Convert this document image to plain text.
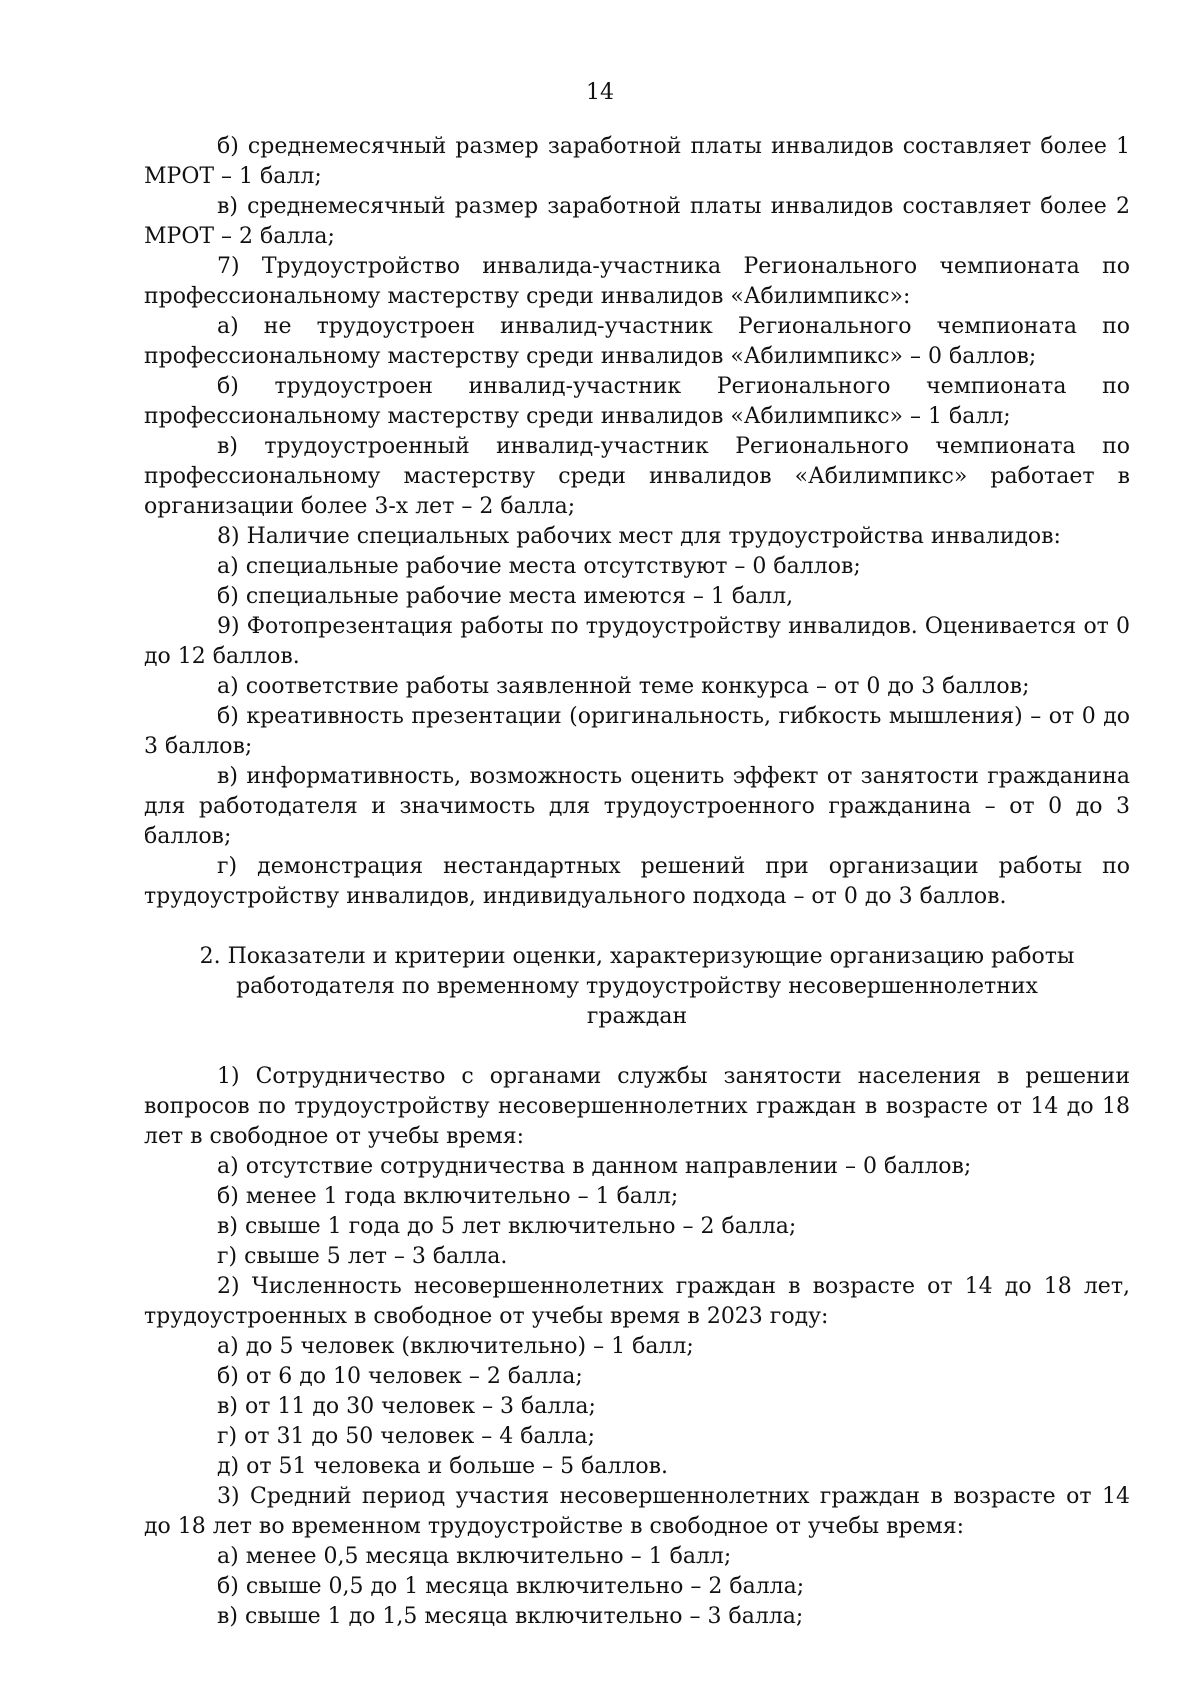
14

б) среднемесячный размер заработной платы инвалидов составляет более 1 МРОТ – 1 балл;

в) среднемесячный размер заработной платы инвалидов составляет более 2 МРОТ – 2 балла;

7) Трудоустройство инвалида-участника Регионального чемпионата по профессиональному мастерству среди инвалидов «Абилимпикс»:

а) не трудоустроен инвалид-участник Регионального чемпионата по профессиональному мастерству среди инвалидов «Абилимпикс» – 0 баллов;

б) трудоустроен инвалид-участник Регионального чемпионата по профессиональному мастерству среди инвалидов «Абилимпикс» – 1 балл;

в) трудоустроенный инвалид-участник Регионального чемпионата по профессиональному мастерству среди инвалидов «Абилимпикс» работает в организации более 3-х лет – 2 балла;

8) Наличие специальных рабочих мест для трудоустройства инвалидов:

а) специальные рабочие места отсутствуют – 0 баллов;

б) специальные рабочие места имеются – 1 балл,

9) Фотопрезентация работы по трудоустройству инвалидов. Оценивается от 0 до 12 баллов.

а) соответствие работы заявленной теме конкурса – от 0 до 3 баллов;

б) креативность презентации (оригинальность, гибкость мышления) – от 0 до 3 баллов;

в) информативность, возможность оценить эффект от занятости гражданина для работодателя и значимость для трудоустроенного гражданина – от 0 до 3 баллов;

г) демонстрация нестандартных решений при организации работы по трудоустройству инвалидов, индивидуального подхода – от 0 до 3 баллов.

2. Показатели и критерии оценки, характеризующие организацию работы работодателя по временному трудоустройству несовершеннолетних граждан

1) Сотрудничество с органами службы занятости населения в решении вопросов по трудоустройству несовершеннолетних граждан в возрасте от 14 до 18 лет в свободное от учебы время:

а) отсутствие сотрудничества в данном направлении – 0 баллов;

б) менее 1 года включительно – 1 балл;

в) свыше 1 года до 5 лет включительно – 2 балла;

г) свыше 5 лет – 3 балла.

2) Численность несовершеннолетних граждан в возрасте от 14 до 18 лет, трудоустроенных в свободное от учебы время в 2023 году:

а) до 5 человек (включительно) – 1 балл;

б) от 6 до 10 человек – 2 балла;

в) от 11 до 30 человек – 3 балла;

г) от 31 до 50 человек – 4 балла;

д) от 51 человека и больше – 5 баллов.

3) Средний период участия несовершеннолетних граждан в возрасте от 14 до 18 лет во временном трудоустройстве в свободное от учебы время:

а) менее 0,5 месяца включительно – 1 балл;

б) свыше 0,5 до 1 месяца включительно – 2 балла;

в) свыше 1 до 1,5 месяца включительно – 3 балла;
